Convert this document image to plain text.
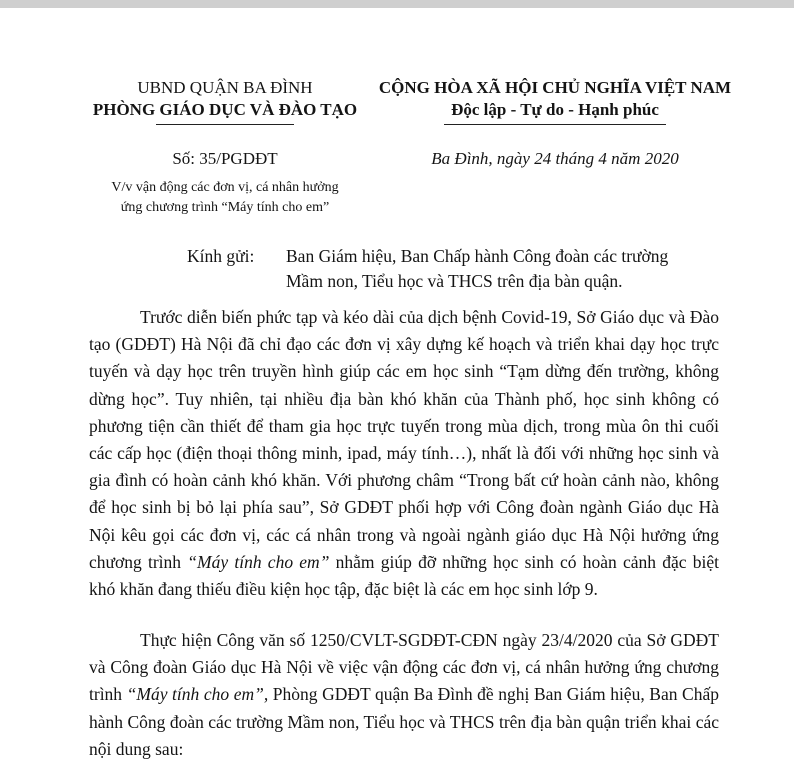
UBND QUẬN BA ĐÌNH
PHÒNG GIÁO DỤC VÀ ĐÀO TẠO
CỘNG HÒA XÃ HỘI CHỦ NGHĨA VIỆT NAM
Độc lập - Tự do - Hạnh phúc
Số: 35/PGDĐT
V/v vận động các đơn vị, cá nhân hưởng
ứng chương trình “Máy tính cho em”
Ba Đình, ngày 24 tháng 4 năm 2020
Kính gửi: Ban Giám hiệu, Ban Chấp hành Công đoàn các trường
Mầm non, Tiểu học và THCS trên địa bàn quận.

Trước diễn biến phức tạp và kéo dài của dịch bệnh Covid-19, Sở Giáo dục và Đào tạo (GDĐT) Hà Nội đã chỉ đạo các đơn vị xây dựng kế hoạch và triển khai dạy học trực tuyến và dạy học trên truyền hình giúp các em học sinh “Tạm dừng đến trường, không dừng học”. Tuy nhiên, tại nhiều địa bàn khó khăn của Thành phố, học sinh không có phương tiện cần thiết để tham gia học trực tuyến trong mùa dịch, trong mùa ôn thi cuối các cấp học (điện thoại thông minh, ipad, máy tính…), nhất là đối với những học sinh và gia đình có hoàn cảnh khó khăn. Với phương châm “Trong bất cứ hoàn cảnh nào, không để học sinh bị bỏ lại phía sau”, Sở GDĐT phối hợp với Công đoàn ngành Giáo dục Hà Nội kêu gọi các đơn vị, các cá nhân trong và ngoài ngành giáo dục Hà Nội hưởng ứng chương trình “Máy tính cho em” nhằm giúp đỡ những học sinh có hoàn cảnh đặc biệt khó khăn đang thiếu điều kiện học tập, đặc biệt là các em học sinh lớp 9.

Thực hiện Công văn số 1250/CVLT-SGDĐT-CĐN ngày 23/4/2020 của Sở GDĐT và Công đoàn Giáo dục Hà Nội về việc vận động các đơn vị, cá nhân hưởng ứng chương trình “Máy tính cho em”, Phòng GDĐT quận Ba Đình đề nghị Ban Giám hiệu, Ban Chấp hành Công đoàn các trường Mầm non, Tiểu học và THCS trên địa bàn quận triển khai các nội dung sau:
